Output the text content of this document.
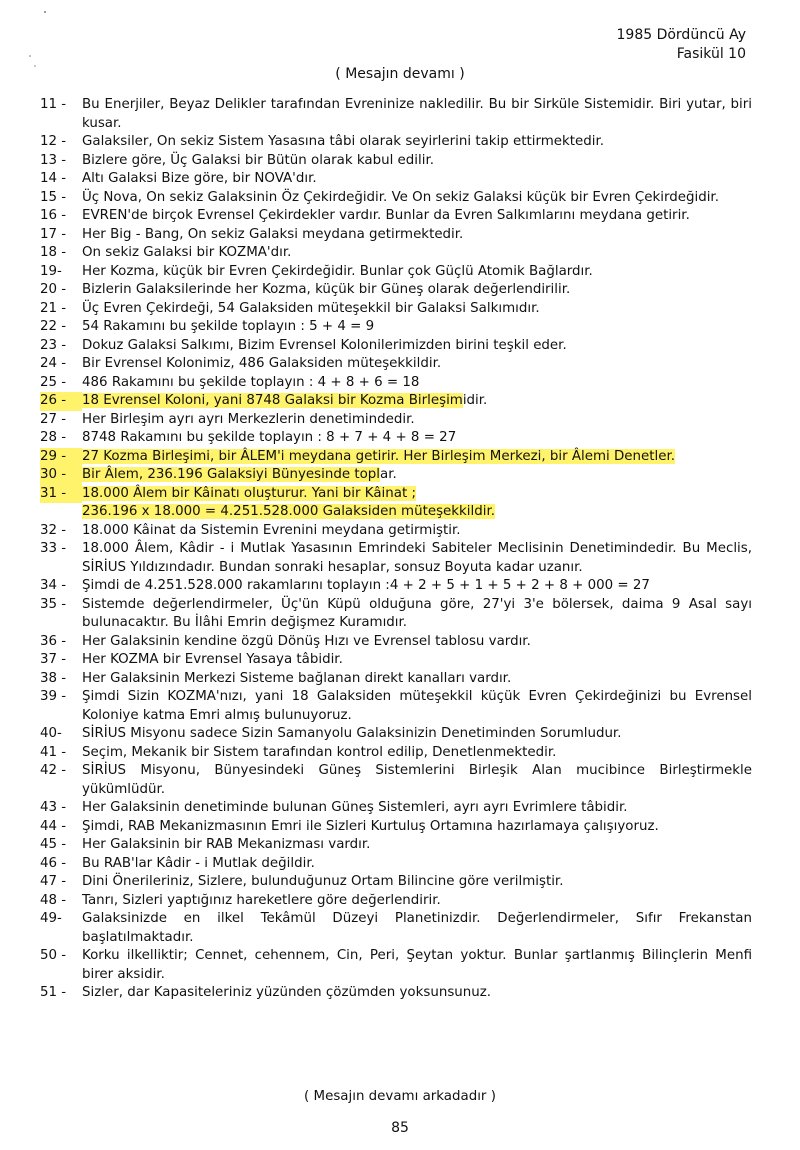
1985 Dördüncü Ay
Fasikül 10
( Mesajın devamı )
11 -	Bu Enerjiler, Beyaz Delikler tarafından Evreninize nakledilir. Bu bir Sirküle Sistemidir. Biri yutar, biri kusar.
12 -	Galaksiler, On sekiz Sistem Yasasına tâbi olarak seyirlerini takip ettirmektedir.
13 -	Bizlere göre, Üç Galaksi bir Bütün olarak kabul edilir.
14 -	Altı Galaksi Bize göre, bir NOVA'dır.
15 -	Üç Nova, On sekiz Galaksinin Öz Çekirdeğidir. Ve On sekiz Galaksi küçük bir Evren Çekirdeğidir.
16 -	EVREN'de birçok Evrensel Çekirdekler vardır. Bunlar da Evren Salkımlarını meydana getirir.
17 -	Her Big - Bang, On sekiz Galaksi meydana getirmektedir.
18 -	On sekiz Galaksi bir KOZMA'dır.
19-	Her Kozma, küçük bir Evren Çekirdeğidir. Bunlar çok Güçlü Atomik Bağlardır.
20 -	Bizlerin Galaksilerinde her Kozma, küçük bir Güneş olarak değerlendirilir.
21 -	Üç Evren Çekirdeği, 54 Galaksiden müteşekkil bir Galaksi Salkımıdır.
22 -	54 Rakamını bu şekilde toplayın : 5 + 4 = 9
23 -	Dokuz Galaksi Salkımı, Bizim Evrensel Kolonilerimizden birini teşkil eder.
24 -	Bir Evrensel Kolonimiz, 486 Galaksiden müteşekkildir.
25 -	486 Rakamını bu şekilde toplayın : 4 + 8 + 6 = 18
26 -	18 Evrensel Koloni, yani 8748 Galaksi bir Kozma Birleşimidir.
27 -	Her Birleşim ayrı ayrı Merkezlerin denetimindedir.
28 -	8748 Rakamını bu şekilde toplayın : 8 + 7 + 4 + 8 = 27
29 -	27 Kozma Birleşimi, bir ÂLEM'i meydana getirir. Her Birleşim Merkezi, bir Âlemi Denetler.
30 -	Bir Âlem, 236.196 Galaksiyi Bünyesinde toplar.
31 -	18.000 Âlem bir Kâinatı oluşturur. Yani bir Kâinat ;
236.196 x 18.000 = 4.251.528.000 Galaksiden müteşekkildir.
32 -	18.000 Kâinat da Sistemin Evrenini meydana getirmiştir.
33 -	18.000 Âlem, Kâdir - i Mutlak Yasasının Emrindeki Sabiteler Meclisinin Denetimindedir. Bu Meclis, SİRİUS Yıldızındadır. Bundan sonraki hesaplar, sonsuz Boyuta kadar uzanır.
34 -	Şimdi de 4.251.528.000 rakamlarını toplayın :4 + 2 + 5 + 1 + 5 + 2 + 8 + 000 = 27
35 -	Sistemde değerlendirmeler, Üç'ün Küpü olduğuna göre, 27'yi 3'e bölersek, daima 9 Asal sayı bulunacaktır. Bu İlâhi Emrin değişmez Kuramıdır.
36 -	Her Galaksinin kendine özgü Dönüş Hızı ve Evrensel tablosu vardır.
37 -	Her KOZMA bir Evrensel Yasaya tâbidir.
38 -	Her Galaksinin Merkezi Sisteme bağlanan direkt kanalları vardır.
39 -	Şimdi Sizin KOZMA'nızı, yani 18 Galaksiden müteşekkil küçük Evren Çekirdeğinizi bu Evrensel Koloniye katma Emri almış bulunuyoruz.
40-	SİRİUS Misyonu sadece Sizin Samanyolu Galaksinizin Denetiminden Sorumludur.
41 -	Seçim, Mekanik bir Sistem tarafından kontrol edilip, Denetlenmektedir.
42 -	SİRİUS Misyonu, Bünyesindeki Güneş Sistemlerini Birleşik Alan mucibince Birleştirmekle yükümlüdür.
43 -	Her Galaksinin denetiminde bulunan Güneş Sistemleri, ayrı ayrı Evrimlere tâbidir.
44 -	Şimdi, RAB Mekanizmasının Emri ile Sizleri Kurtuluş Ortamına hazırlamaya çalışıyoruz.
45 -	Her Galaksinin bir RAB Mekanizması vardır.
46 -	Bu RAB'lar Kâdir - i Mutlak değildir.
47 -	Dini Önerileriniz, Sizlere, bulunduğunuz Ortam Bilincine göre verilmiştir.
48 -	Tanrı, Sizleri yaptığınız hareketlere göre değerlendirir.
49-	Galaksinizde en ilkel Tekâmül Düzeyi Planetinizdir. Değerlendirmeler, Sıfır Frekanstan başlatılmaktadır.
50 -	Korku ilkelliktir; Cennet, cehennem, Cin, Peri, Şeytan yoktur. Bunlar şartlanmış Bilinçlerin Menfi birer aksidir.
51 -	Sizler, dar Kapasiteleriniz yüzünden çözümden yoksunsunuz.
( Mesajın devamı arkadadır )
85
